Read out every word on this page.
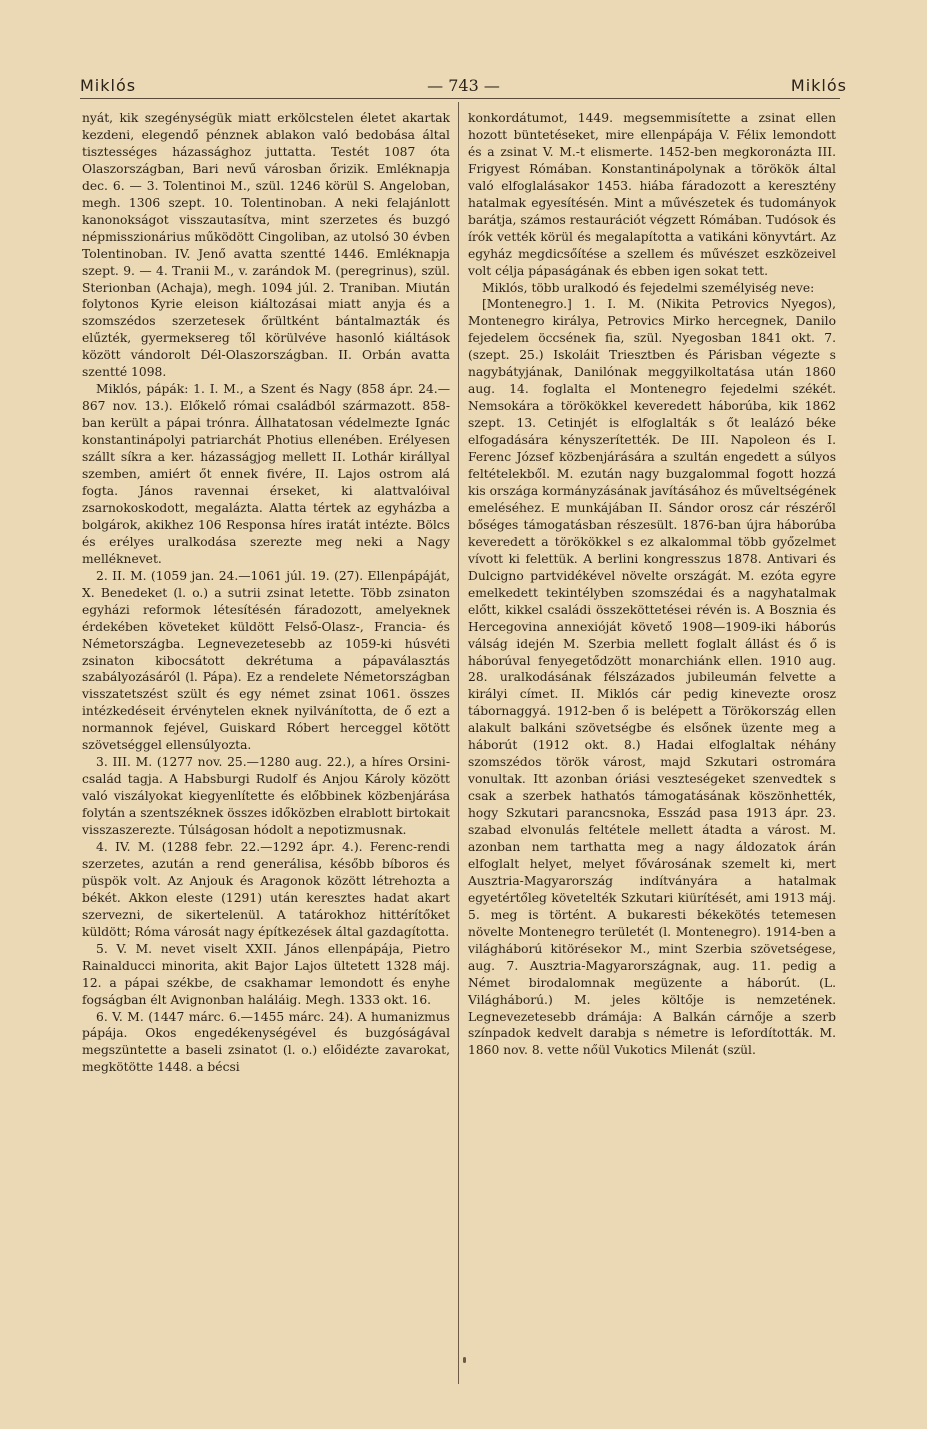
Miklós	— 743 —	Miklós

nyát, kik szegénységük miatt erkölcstelen életet akartak kezdeni, elegendő pénznek ablakon való bedobása által tisztességes házassághoz juttatta. Testét 1087 óta Olaszországban, Bari nevű városban őrizik. Emléknapja dec. 6. — 3. Tolentinoi M., szül. 1246 körül S. Angeloban, megh. 1306 szept. 10. Tolentinoban. A neki felajánlott kanonokságot visszautasítva, mint szerzetes és buzgó népmisszionárius működött Cingoliban, az utolsó 30 évben Tolentinoban. IV. Jenő avatta szentté 1446. Emléknapja szept. 9. — 4. Tranii M., v. zarándok M. (peregrinus), szül. Sterionban (Achaja), megh. 1094 júl. 2. Traniban. Miután folytonos Kyrie eleison kiáltozásai miatt anyja és a szomszédos szerzetesek őrültként bántalmazták és elűzték, gyermeksereg től körülvéve hasonló kiáltások között vándorolt Dél-Olaszországban. II. Orbán avatta szentté 1098.

Miklós, pápák: 1. I. M., a Szent és Nagy (858 ápr. 24.—867 nov. 13.). Előkelő római családból származott. 858-ban került a pápai trónra. Állhatatosan védelmezte Ignác konstantinápolyi patriarchát Photius ellenében. Erélyesen szállt síkra a ker. házasságjog mellett II. Lothár királlyal szemben, amiért őt ennek fivére, II. Lajos ostrom alá fogta. János ravennai érseket, ki alattvalóival zsarnokoskodott, megalázta. Alatta tértek az egyházba a bolgárok, akikhez 106 Responsa híres iratát intézte. Bölcs és erélyes uralkodása szerezte meg neki a Nagy melléknevet.

2. II. M. (1059 jan. 24.—1061 júl. 19. (27). Ellenpápáját, X. Benedeket (l. o.) a sutrii zsinat letette. Több zsinaton egyházi reformok létesítésén fáradozott, amelyeknek érdekében követeket küldött Felső-Olasz-, Francia- és Németországba. Legnevezetesebb az 1059-ki húsvéti zsinaton kibocsátott dekrétuma a pápaválasztás szabályozásáról (l. Pápa). Ez a rendelete Németországban visszatetszést szült és egy német zsinat 1061. összes intézkedéseit érvénytelen eknek nyilvánította, de ő ezt a normannok fejével, Guiskard Róbert herceggel kötött szövetséggel ellensúlyozta.

3. III. M. (1277 nov. 25.—1280 aug. 22.), a híres Orsini-család tagja. A Habsburgi Rudolf és Anjou Károly között való viszályokat kiegyenlítette és előbbinek közbenjárása folytán a szentszéknek összes időközben elrablott birtokait visszaszerezte. Túlságosan hódolt a nepotizmusnak.

4. IV. M. (1288 febr. 22.—1292 ápr. 4.). Ferenc-rendi szerzetes, azután a rend generálisa, később bíboros és püspök volt. Az Anjouk és Aragonok között létrehozta a békét. Akkon eleste (1291) után keresztes hadat akart szervezni, de sikertelenül. A tatárokhoz hittérítőket küldött; Róma városát nagy építkezések által gazdagította.

5. V. M. nevet viselt XXII. János ellenpápája, Pietro Rainalducci minorita, akit Bajor Lajos ültetett 1328 máj. 12. a pápai székbe, de csakhamar lemondott és enyhe fogságban élt Avignonban haláláig. Megh. 1333 okt. 16.

6. V. M. (1447 márc. 6.—1455 márc. 24). A humanizmus pápája. Okos engedékenységével és buzgóságával megszüntette a baseli zsinatot (l. o.) előidézte zavarokat, megkötötte 1448. a bécsi

konkordátumot, 1449. megsemmisítette a zsinat ellen hozott büntetéseket, mire ellenpápája V. Félix lemondott és a zsinat V. M.-t elismerte. 1452-ben megkoronázta III. Frigyest Rómában. Konstantinápolynak a törökök által való elfoglalásakor 1453. hiába fáradozott a keresztény hatalmak egyesítésén. Mint a művészetek és tudományok barátja, számos restaurációt végzett Rómában. Tudósok és írók vették körül és megalapította a vatikáni könyvtárt. Az egyház megdicsőítése a szellem és művészet eszközeivel volt célja pápaságának és ebben igen sokat tett.

Miklós, több uralkodó és fejedelmi személyiség neve:

[Montenegro.] 1. I. M. (Nikita Petrovics Nyegos), Montenegro királya, Petrovics Mirko hercegnek, Danilo fejedelem öccsének fia, szül. Nyegosban 1841 okt. 7. (szept. 25.) Iskoláit Triesztben és Párisban végezte s nagybátyjának, Danilónak meggyilkoltatása után 1860 aug. 14. foglalta el Montenegro fejedelmi székét. Nemsokára a törökökkel keveredett háborúba, kik 1862 szept. 13. Cetinjét is elfoglalták s őt lealázó béke elfogadására kényszerítették. De III. Napoleon és I. Ferenc József közbenjárására a szultán engedett a súlyos feltételekből. M. ezután nagy buzgalommal fogott hozzá kis országa kormányzásának javításához és műveltségének emeléséhez. E munkájában II. Sándor orosz cár részéről bőséges támogatásban részesült. 1876-ban újra háborúba keveredett a törökökkel s ez alkalommal több győzelmet vívott ki felettük. A berlini kongresszus 1878. Antivari és Dulcigno partvidékével növelte országát. M. ezóta egyre emelkedett tekintélyben szomszédai és a nagyhatalmak előtt, kikkel családi összeköttetései révén is. A Bosznia és Hercegovina annexióját követő 1908—1909-iki háborús válság idején M. Szerbia mellett foglalt állást és ő is háborúval fenyegetődzött monarchiánk ellen. 1910 aug. 28. uralkodásának félszázados jubileumán felvette a királyi címet. II. Miklós cár pedig kinevezte orosz tábornaggyá. 1912-ben ő is belépett a Törökország ellen alakult balkáni szövetségbe és elsőnek üzente meg a háborút (1912 okt. 8.) Hadai elfoglaltak néhány szomszédos török várost, majd Szkutari ostromára vonultak. Itt azonban óriási veszteségeket szenvedtek s csak a szerbek hathatós támogatásának köszönhették, hogy Szkutari parancsnoka, Esszád pasa 1913 ápr. 23. szabad elvonulás feltétele mellett átadta a várost. M. azonban nem tarthatta meg a nagy áldozatok árán elfoglalt helyet, melyet fővárosának szemelt ki, mert Ausztria-Magyarország indítványára a hatalmak egyetértőleg követelték Szkutari kiürítését, ami 1913 máj. 5. meg is történt. A bukaresti békekötés tetemesen növelte Montenegro területét (l. Montenegro). 1914-ben a világháború kitörésekor M., mint Szerbia szövetségese, aug. 7. Ausztria-Magyarországnak, aug. 11. pedig a Német birodalomnak megüzente a háborút. (L. Világháború.) M. jeles költője is nemzetének. Legnevezetesebb drámája: A Balkán cárnője a szerb színpadok kedvelt darabja s németre is lefordították. M. 1860 nov. 8. vette nőül Vukotics Milenát (szül.
